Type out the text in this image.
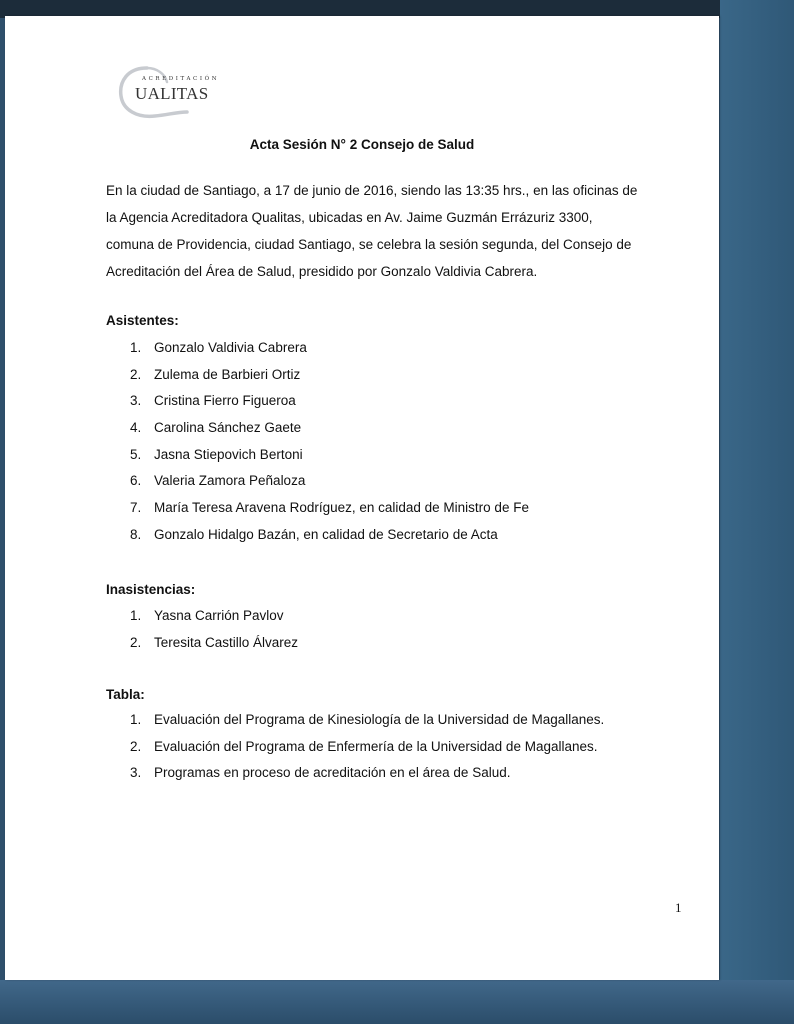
ACREDITACIÓN
UALITAS
Acta Sesión N° 2 Consejo de Salud

En la ciudad de Santiago, a 17 de junio de 2016, siendo las 13:35 hrs., en las oficinas de la Agencia Acreditadora Qualitas, ubicadas en Av. Jaime Guzmán Errázuriz 3300, comuna de Providencia, ciudad Santiago, se celebra la sesión segunda, del Consejo de Acreditación del Área de Salud, presidido por Gonzalo Valdivia Cabrera.

Asistentes:
1. Gonzalo Valdivia Cabrera
2. Zulema de Barbieri Ortiz
3. Cristina Fierro Figueroa
4. Carolina Sánchez Gaete
5. Jasna Stiepovich Bertoni
6. Valeria Zamora Peñaloza
7. María Teresa Aravena Rodríguez, en calidad de Ministro de Fe
8. Gonzalo Hidalgo Bazán, en calidad de Secretario de Acta
Inasistencias:
1. Yasna Carrión Pavlov
2. Teresita Castillo Álvarez
Tabla:
1. Evaluación del Programa de Kinesiología de la Universidad de Magallanes.
2. Evaluación del Programa de Enfermería de la Universidad de Magallanes.
3. Programas en proceso de acreditación en el área de Salud.
1
